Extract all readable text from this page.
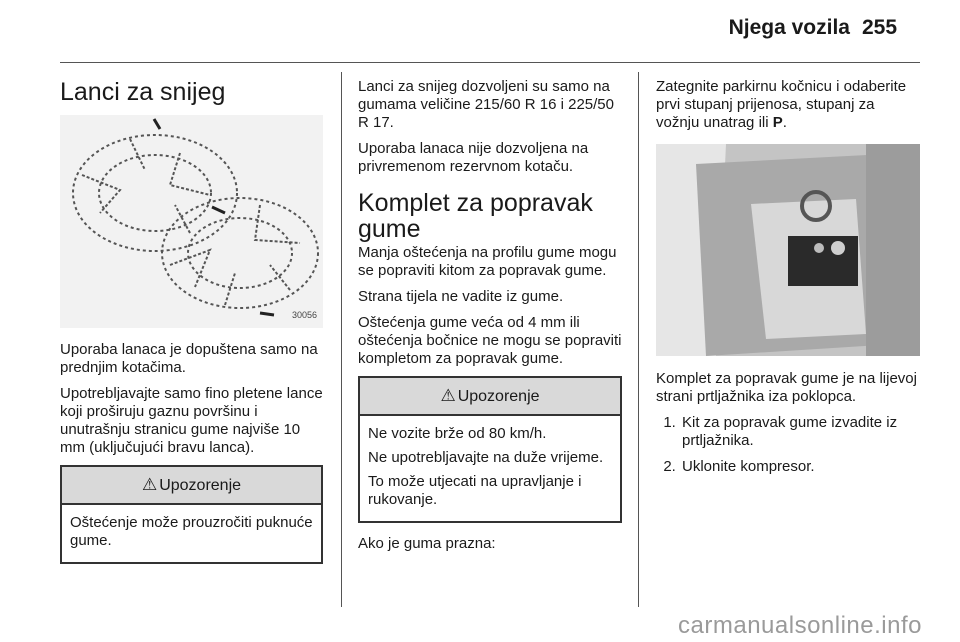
Njega vozila 255
Lanci za snijeg
30056

Uporaba lanaca je dopuštena samo na prednjim kotačima.

Upotrebljavajte samo fino pletene lance koji proširuju gaznu površinu i unutrašnju stranicu gume najviše 10 mm (uključujući bravu lanca).

⚠ Upozorenje

Oštećenje može prouzročiti puknuće gume.

Lanci za snijeg dozvoljeni su samo na gumama veličine 215/60 R 16 i 225/50 R 17.

Uporaba lanaca nije dozvoljena na privremenom rezervnom kotaču.

Komplet za popravak gume

Manja oštećenja na profilu gume mogu se popraviti kitom za popravak gume.

Strana tijela ne vadite iz gume.

Oštećenja gume veća od 4 mm ili oštećenja bočnice ne mogu se popraviti kompletom za popravak gume.

⚠ Upozorenje

Ne vozite brže od 80 km/h.

Ne upotrebljavajte na duže vrijeme.

To može utjecati na upravljanje i rukovanje.

Ako je guma prazna:

Zategnite parkirnu kočnicu i odaberite prvi stupanj prijenosa, stupanj za vožnju unatrag ili P.

Komplet za popravak gume je na lijevoj strani prtljažnika iza poklopca.

1. Kit za popravak gume izvadite iz prtljažnika.
2. Uklonite kompresor.
carmanualsonline.info
